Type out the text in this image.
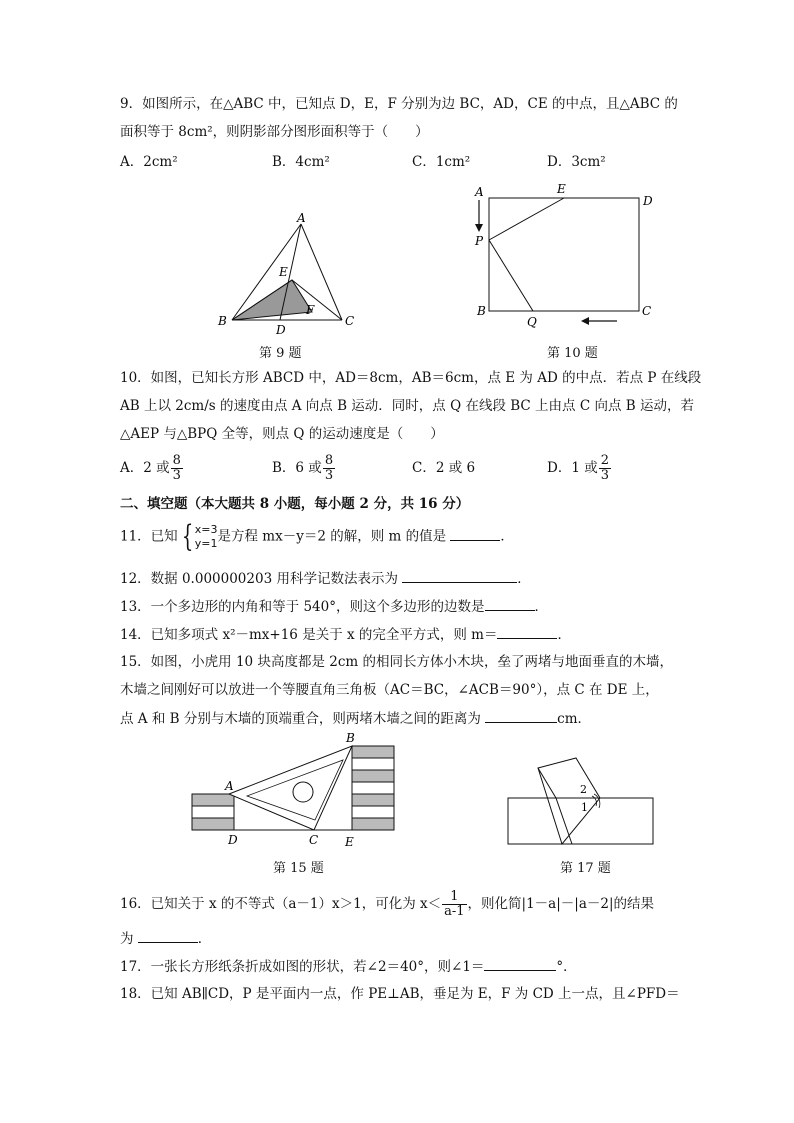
9．如图所示，在△ABC 中，已知点 D，E，F 分别为边 BC，AD，CE 的中点，且△ABC 的
面积等于 8cm²，则阴影部分图形面积等于（　　）
A．2cm²	B．4cm²	C．1cm²	D．3cm²
A
B	C
D
E
F
第 9 题
A	E
D
P
B
Q
C
第 10 题
10．如图，已知长方形 ABCD 中，AD＝8cm，AB＝6cm，点 E 为 AD 的中点．若点 P 在线段
AB 上以 2cm/s 的速度由点 A 向点 B 运动．同时，点 Q 在线段 BC 上由点 C 向点 B 运动，若
△AEP 与△BPQ 全等，则点 Q 的运动速度是（　　）
A．2 或 $\frac{8}{3}$	B．6 或 $\frac{8}{3}$	C．2 或 6	D．1 或 $\frac{2}{3}$
二、填空题（本大题共 8 小题，每小题 2 分，共 16 分）
11．已知 { x=3
y=1 是方程 mx－y＝2 的解，则 m 的值是	．
12．数据 0.000000203 用科学记数法表示为	．
13．一个多边形的内角和等于 540°，则这个多边形的边数是	．
14．已知多项式 x²－mx+16 是关于 x 的完全平方式，则 m＝	．
15．如图，小虎用 10 块高度都是 2cm 的相同长方体小木块，垒了两堵与地面垂直的木墙，
木墙之间刚好可以放进一个等腰直角三角板（AC＝BC，∠ACB＝90°），点 C 在 DE 上，
点 A 和 B 分别与木墙的顶端重合，则两堵木墙之间的距离为	cm．
A
B
C
D	E
第 15 题
2
1
第 17 题
16．已知关于 x 的不等式（a－1）x＞1，可化为 $x< \frac{1}{a-1}$ ，则化简|1－a|－|a－2|的结果
为	．
17．一张长方形纸条折成如图的形状，若∠2＝40°，则∠1＝	°．
18．已知 AB∥CD，P 是平面内一点，作 PE⊥AB，垂足为 E，F 为 CD 上一点，且∠PFD＝
